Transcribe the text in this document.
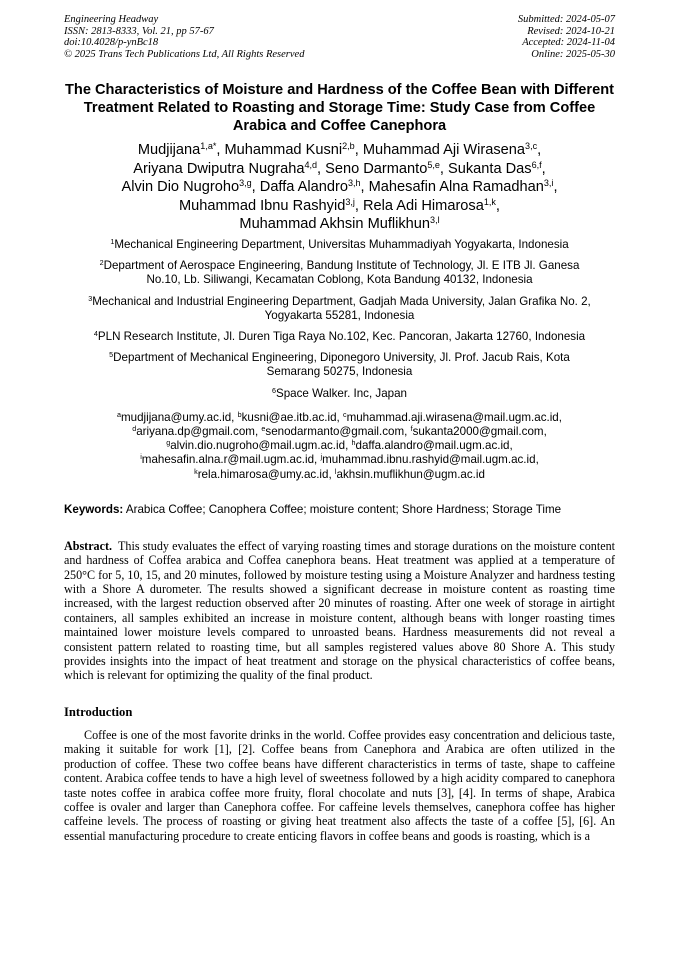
Engineering Headway
ISSN: 2813-8333, Vol. 21, pp 57-67
doi:10.4028/p-ynBc18
© 2025 Trans Tech Publications Ltd, All Rights Reserved
Submitted: 2024-05-07
Revised: 2024-10-21
Accepted: 2024-11-04
Online: 2025-05-30
The Characteristics of Moisture and Hardness of the Coffee Bean with Different Treatment Related to Roasting and Storage Time: Study Case from Coffee Arabica and Coffee Canephora
Mudjijana$^{1,a*}$, Muhammad Kusni$^{2,b}$, Muhammad Aji Wirasena$^{3,c}$,
Ariyana Dwiputra Nugraha$^{4,d}$, Seno Darmanto$^{5,e}$, Sukanta Das$^{6,f}$,
Alvin Dio Nugroho$^{3,g}$, Daffa Alandro$^{3,h}$, Mahesafin Alna Ramadhan$^{3,i}$,
Muhammad Ibnu Rashyid$^{3,j}$, Rela Adi Himarosa$^{1,k}$,
Muhammad Akhsin Muflikhun$^{3,l}$

$^1$Mechanical Engineering Department, Universitas Muhammadiyah Yogyakarta, Indonesia

$^2$Department of Aerospace Engineering, Bandung Institute of Technology, Jl. E ITB Jl. Ganesa
No.10, Lb. Siliwangi, Kecamatan Coblong, Kota Bandung 40132, Indonesia

$^3$Mechanical and Industrial Engineering Department, Gadjah Mada University, Jalan Grafika No. 2,
Yogyakarta 55281, Indonesia

$^4$PLN Research Institute, Jl. Duren Tiga Raya No.102, Kec. Pancoran, Jakarta 12760, Indonesia

$^5$Department of Mechanical Engineering, Diponegoro University, Jl. Prof. Jacub Rais, Kota
Semarang 50275, Indonesia

$^6$Space Walker. Inc, Japan

$^a$mudjijana@umy.ac.id, $^b$kusni@ae.itb.ac.id, $^c$muhammad.aji.wirasena@mail.ugm.ac.id,
$^d$ariyana.dp@gmail.com, $^e$senodarmanto@gmail.com, $^f$sukanta2000@gmail.com,
$^g$alvin.dio.nugroho@mail.ugm.ac.id, $^h$daffa.alandro@mail.ugm.ac.id,
$^i$mahesafin.alna.r@mail.ugm.ac.id, $^j$muhammad.ibnu.rashyid@mail.ugm.ac.id,
$^k$rela.himarosa@umy.ac.id, $^l$akhsin.muflikhun@ugm.ac.id

Keywords: Arabica Coffee; Canophera Coffee; moisture content; Shore Hardness; Storage Time

Abstract. This study evaluates the effect of varying roasting times and storage durations on the moisture content and hardness of Coffea arabica and Coffea canephora beans. Heat treatment was applied at a temperature of 250°C for 5, 10, 15, and 20 minutes, followed by moisture testing using a Moisture Analyzer and hardness testing with a Shore A durometer. The results showed a significant decrease in moisture content as roasting time increased, with the largest reduction observed after 20 minutes of roasting. After one week of storage in airtight containers, all samples exhibited an increase in moisture content, although beans with longer roasting times maintained lower moisture levels compared to unroasted beans. Hardness measurements did not reveal a consistent pattern related to roasting time, but all samples registered values above 80 Shore A. This study provides insights into the impact of heat treatment and storage on the physical characteristics of coffee beans, which is relevant for optimizing the quality of the final product.

Introduction

Coffee is one of the most favorite drinks in the world. Coffee provides easy concentration and delicious taste, making it suitable for work [1], [2]. Coffee beans from Canephora and Arabica are often utilized in the production of coffee. These two coffee beans have different characteristics in terms of taste, shape to caffeine content. Arabica coffee tends to have a high level of sweetness followed by a high acidity compared to canephora taste notes coffee in arabica coffee more fruity, floral chocolate and nuts [3], [4]. In terms of shape, Arabica coffee is ovaler and larger than Canephora coffee. For caffeine levels themselves, canephora coffee has higher caffeine levels. The process of roasting or giving heat treatment also affects the taste of a coffee [5], [6]. An essential manufacturing procedure to create enticing flavors in coffee beans and goods is roasting, which is a
